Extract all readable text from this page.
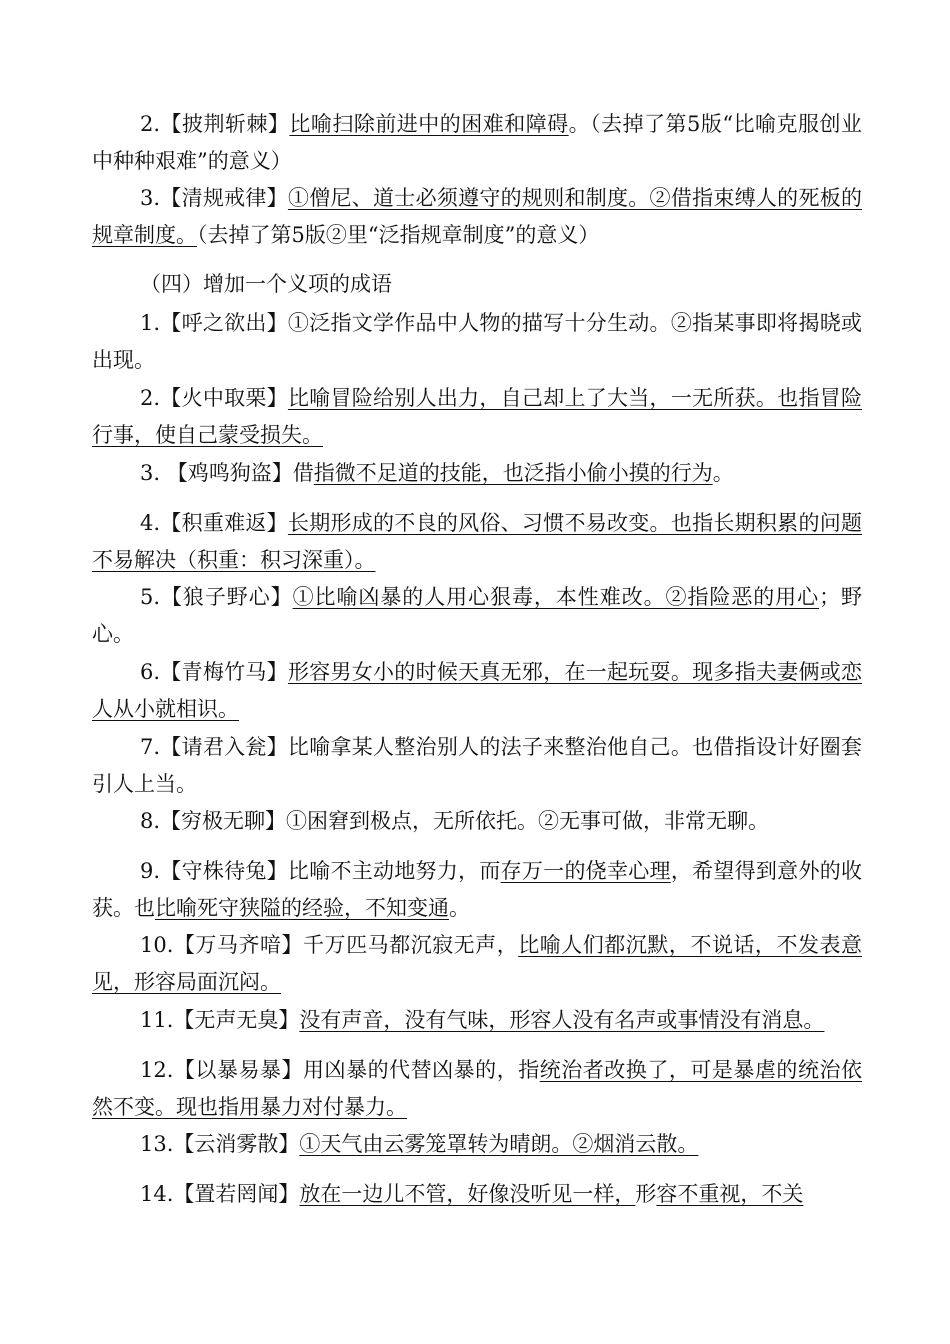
2.【披荆斩棘】比喻扫除前进中的困难和障碍。（去掉了第5版“比喻克服创业中种种艰难”的意义）

3.【清规戒律】①僧尼、道士必须遵守的规则和制度。②借指束缚人的死板的规章制度。（去掉了第5版②里“泛指规章制度”的意义）

（四）增加一个义项的成语

1.【呼之欲出】①泛指文学作品中人物的描写十分生动。②指某事即将揭晓或出现。

2.【火中取栗】比喻冒险给别人出力，自己却上了大当，一无所获。也指冒险行事，使自己蒙受损失。

3. 【鸡鸣狗盗】借指微不足道的技能，也泛指小偷小摸的行为。

4.【积重难返】长期形成的不良的风俗、习惯不易改变。也指长期积累的问题不易解决（积重：积习深重）。

5.【狼子野心】①比喻凶暴的人用心狠毒，本性难改。②指险恶的用心；野心。

6.【青梅竹马】形容男女小的时候天真无邪，在一起玩耍。现多指夫妻俩或恋人从小就相识。

7.【请君入瓮】比喻拿某人整治别人的法子来整治他自己。也借指设计好圈套引人上当。

8.【穷极无聊】①困窘到极点，无所依托。②无事可做，非常无聊。

9.【守株待兔】比喻不主动地努力，而存万一的侥幸心理，希望得到意外的收获。也比喻死守狭隘的经验，不知变通。

10.【万马齐喑】千万匹马都沉寂无声，比喻人们都沉默，不说话，不发表意见，形容局面沉闷。

11.【无声无臭】没有声音，没有气味，形容人没有名声或事情没有消息。

12.【以暴易暴】用凶暴的代替凶暴的，指统治者改换了，可是暴虐的统治依然不变。现也指用暴力对付暴力。

13.【云消雾散】①天气由云雾笼罩转为晴朗。②烟消云散。

14.【置若罔闻】放在一边儿不管，好像没听见一样，形容不重视，不关
